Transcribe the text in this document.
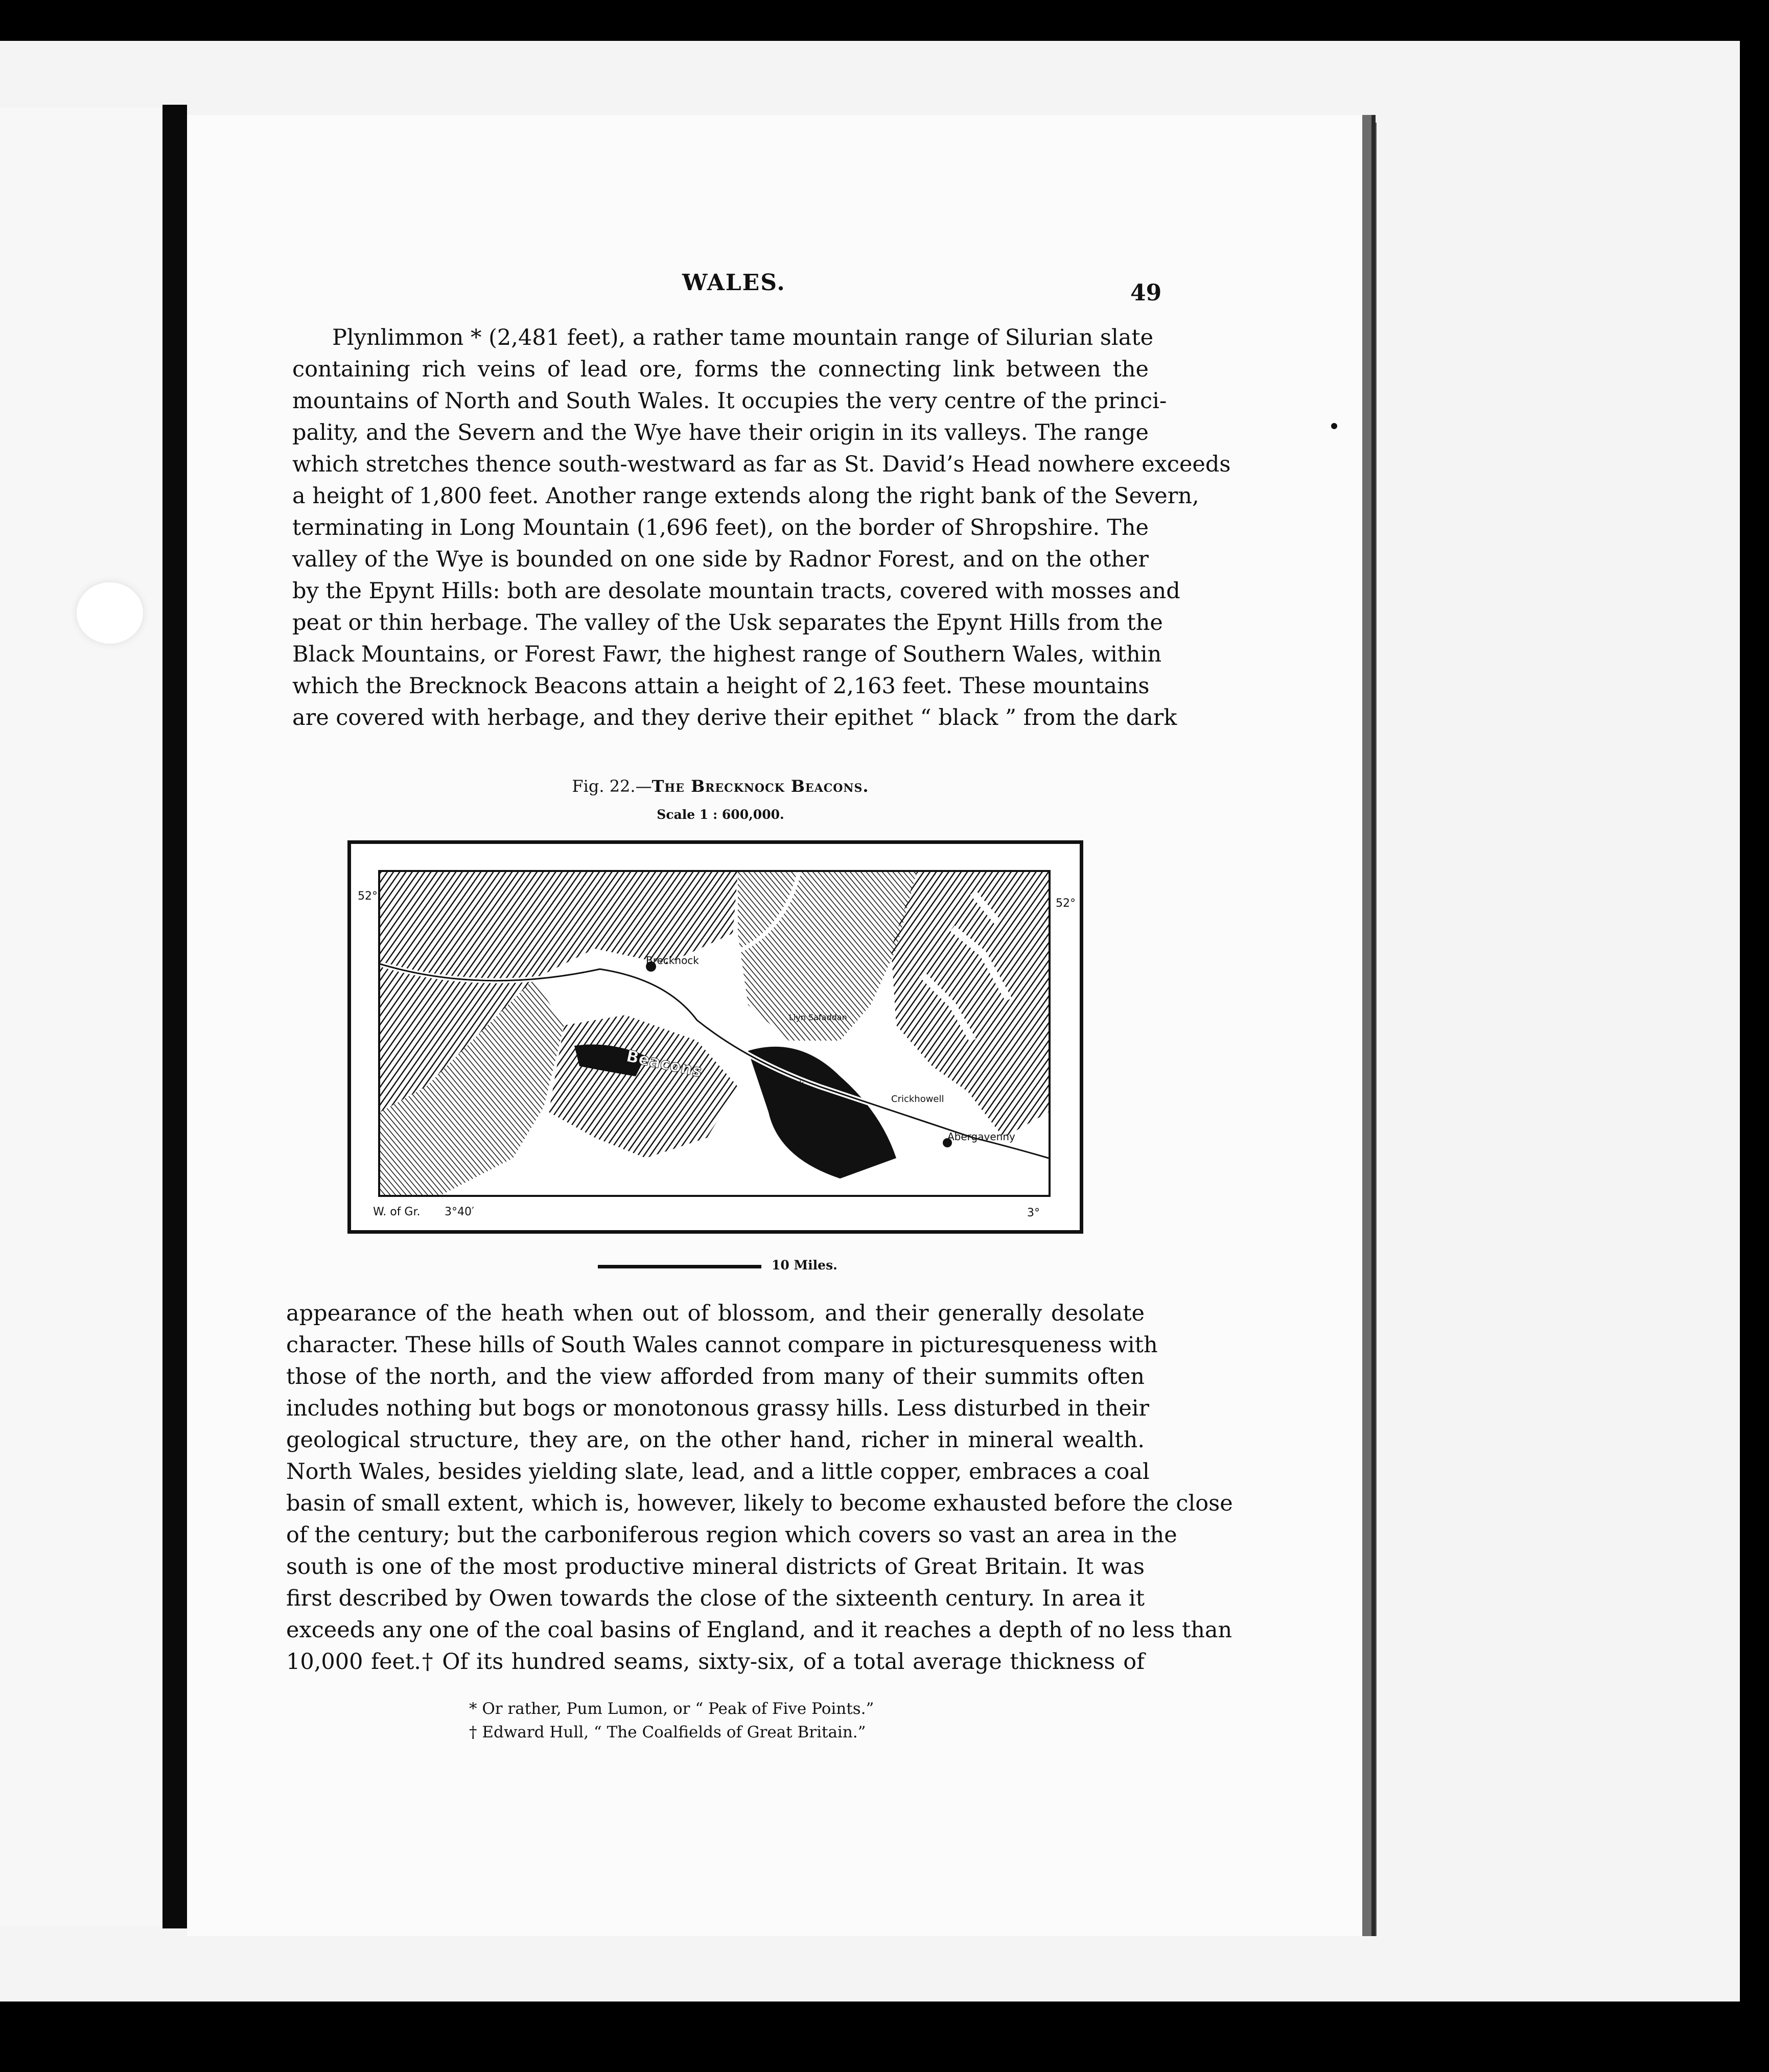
WALES.	49
Plynlimmon * (2,481 feet), a rather tame mountain range of Silurian slate
containing rich veins of lead ore, forms the connecting link between the
mountains of North and South Wales. It occupies the very centre of the princi-
pality, and the Severn and the Wye have their origin in its valleys. The range
which stretches thence south-westward as far as St. David’s Head nowhere exceeds
a height of 1,800 feet. Another range extends along the right bank of the Severn,
terminating in Long Mountain (1,696 feet), on the border of Shropshire. The
valley of the Wye is bounded on one side by Radnor Forest, and on the other
by the Epynt Hills: both are desolate mountain tracts, covered with mosses and
peat or thin herbage. The valley of the Usk separates the Epynt Hills from the
Black Mountains, or Forest Fawr, the highest range of Southern Wales, within
which the Brecknock Beacons attain a height of 2,163 feet. These mountains
are covered with herbage, and they derive their epithet “ black ” from the dark
Fig. 22.—The Brecknock Beacons.
Scale 1 : 600,000.
Brecknock
Abergavenny
Crickhowell
Llyn Safaddan
Usk
Beacons
52°
52°
W. of Gr. 3°40′	3°
10 Miles.
appearance of the heath when out of blossom, and their generally desolate
character. These hills of South Wales cannot compare in picturesqueness with
those of the north, and the view afforded from many of their summits often
includes nothing but bogs or monotonous grassy hills. Less disturbed in their
geological structure, they are, on the other hand, richer in mineral wealth.
North Wales, besides yielding slate, lead, and a little copper, embraces a coal
basin of small extent, which is, however, likely to become exhausted before the close
of the century; but the carboniferous region which covers so vast an area in the
south is one of the most productive mineral districts of Great Britain. It was
first described by Owen towards the close of the sixteenth century. In area it
exceeds any one of the coal basins of England, and it reaches a depth of no less than
10,000 feet.† Of its hundred seams, sixty-six, of a total average thickness of
* Or rather, Pum Lumon, or “ Peak of Five Points.”
† Edward Hull, “ The Coalfields of Great Britain.”
